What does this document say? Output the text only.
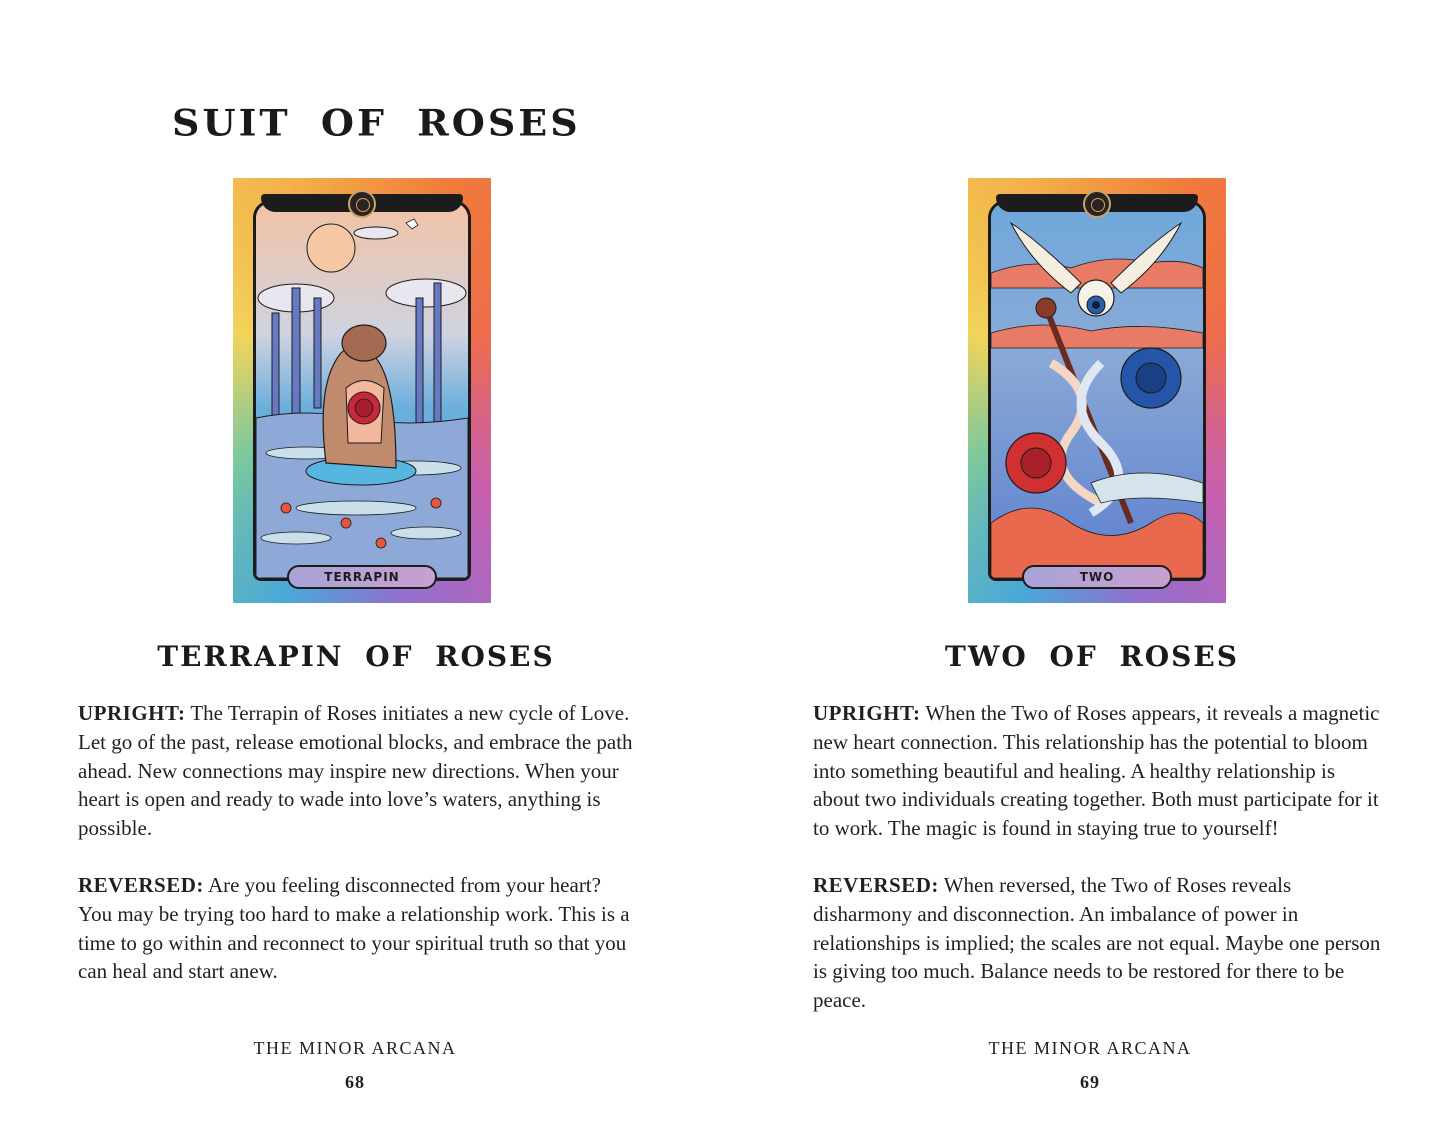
SUIT OF ROSES
TERRAPIN
TERRAPIN OF ROSES

UPRIGHT: The Terrapin of Roses initiates a new cycle of Love. Let go of the past, release emotional blocks, and embrace the path ahead. New connections may inspire new directions. When your heart is open and ready to wade into love’s waters, anything is possible.

REVERSED: Are you feeling disconnected from your heart? You may be trying too hard to make a relationship work. This is a time to go within and reconnect to your spiritual truth so that you can heal and start anew.

THE MINOR ARCANA
68
TWO
TWO OF ROSES

UPRIGHT: When the Two of Roses appears, it reveals a magnetic new heart connection. This relationship has the potential to bloom into something beautiful and healing. A healthy relationship is about two individuals creating together. Both must participate for it to work. The magic is found in staying true to yourself!

REVERSED: When reversed, the Two of Roses reveals disharmony and disconnection. An imbalance of power in relationships is implied; the scales are not equal. Maybe one person is giving too much. Balance needs to be restored for there to be peace.

THE MINOR ARCANA
69
